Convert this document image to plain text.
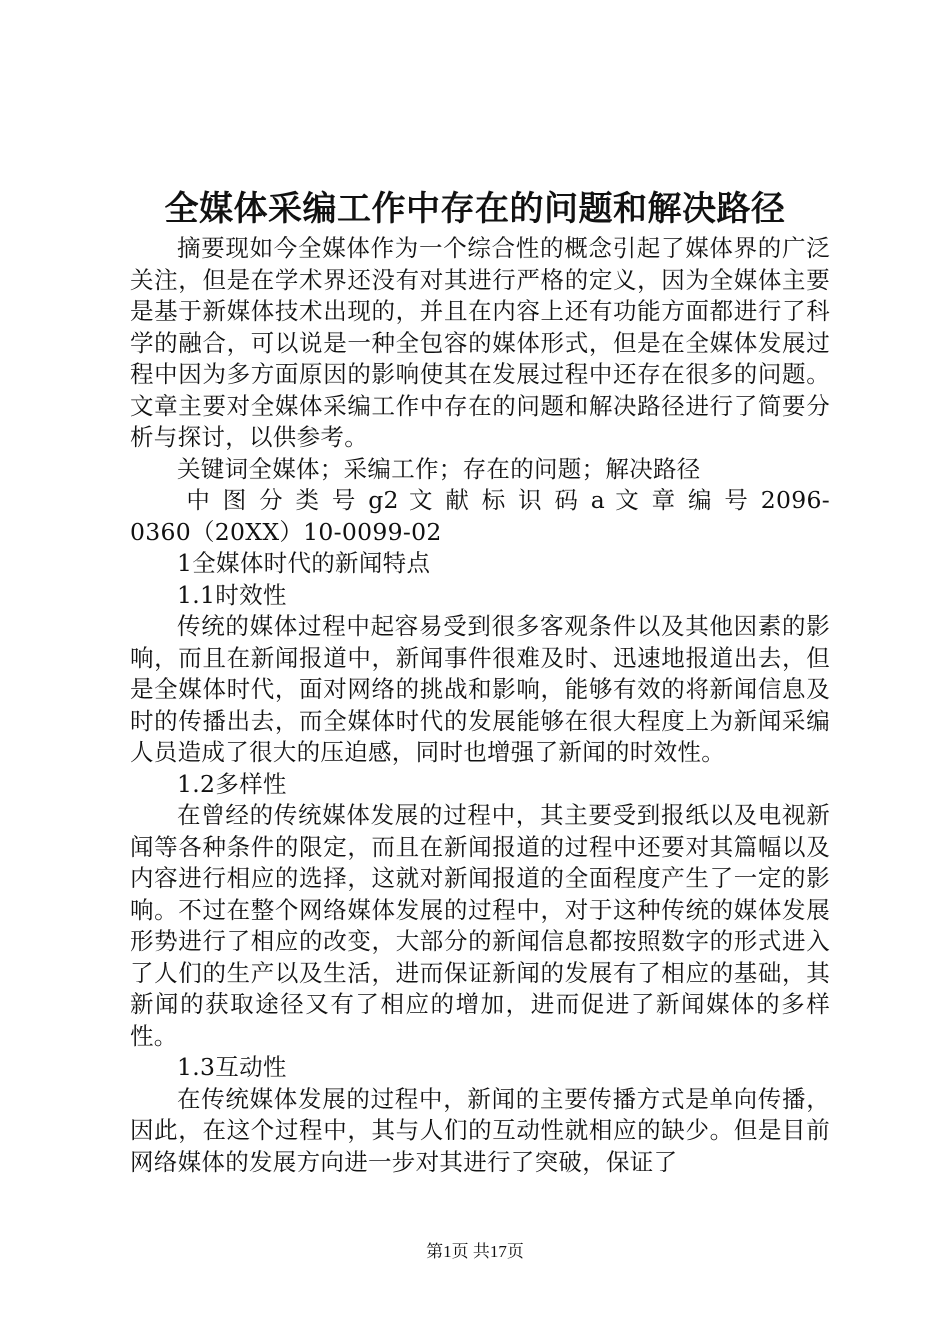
全媒体采编工作中存在的问题和解决路径

摘要现如今全媒体作为一个综合性的概念引起了媒体界的广泛关注，但是在学术界还没有对其进行严格的定义，因为全媒体主要是基于新媒体技术出现的，并且在内容上还有功能方面都进行了科学的融合，可以说是一种全包容的媒体形式，但是在全媒体发展过程中因为多方面原因的影响使其在发展过程中还存在很多的问题。文章主要对全媒体采编工作中存在的问题和解决路径进行了简要分析与探讨，以供参考。

关键词全媒体；采编工作；存在的问题；解决路径

中 图 分 类 号 g2 文 献 标 识 码 a 文 章 编 号 2096-

0360（20XX）10-0099-02

1全媒体时代的新闻特点

1.1时效性

传统的媒体过程中起容易受到很多客观条件以及其他因素的影响，而且在新闻报道中，新闻事件很难及时、迅速地报道出去，但是全媒体时代，面对网络的挑战和影响，能够有效的将新闻信息及时的传播出去，而全媒体时代的发展能够在很大程度上为新闻采编人员造成了很大的压迫感，同时也增强了新闻的时效性。

1.2多样性

在曾经的传统媒体发展的过程中，其主要受到报纸以及电视新闻等各种条件的限定，而且在新闻报道的过程中还要对其篇幅以及内容进行相应的选择，这就对新闻报道的全面程度产生了一定的影响。不过在整个网络媒体发展的过程中，对于这种传统的媒体发展形势进行了相应的改变，大部分的新闻信息都按照数字的形式进入了人们的生产以及生活，进而保证新闻的发展有了相应的基础，其新闻的获取途径又有了相应的增加，进而促进了新闻媒体的多样性。

1.3互动性

在传统媒体发展的过程中，新闻的主要传播方式是单向传播，因此，在这个过程中，其与人们的互动性就相应的缺少。但是目前网络媒体的发展方向进一步对其进行了突破，保证了

第1页 共17页
